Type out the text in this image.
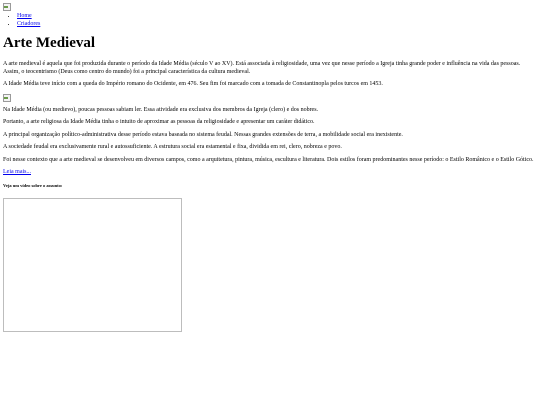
• Home
• Criadores
Arte Medieval

A arte medieval é aquela que foi produzida durante o período da Idade Média (século V ao XV). Está associada à religiosidade, uma vez que nesse período a Igreja tinha grande poder e influência na vida das pessoas. Assim, o teocentrismo (Deus como centro do mundo) foi a principal característica da cultura medieval.

A Idade Média teve início com a queda do Império romano do Ocidente, em 476. Seu fim foi marcado com a tomada de Constantinopla pelos turcos em 1453.

Na Idade Média (ou medievo), poucas pessoas sabiam ler. Essa atividade era exclusiva dos membros da Igreja (clero) e dos nobres.

Portanto, a arte religiosa da Idade Média tinha o intuito de aproximar as pessoas da religiosidade e apresentar um caráter didático.

A principal organização político-administrativa desse período estava baseada no sistema feudal. Nessas grandes extensões de terra, a mobilidade social era inexistente.

A sociedade feudal era exclusivamente rural e autossuficiente. A estrutura social era estamental e fixa, dividida em rei, clero, nobreza e povo.

Foi nesse contexto que a arte medieval se desenvolveu em diversos campos, como a arquitetura, pintura, música, escultura e literatura. Dois estilos foram predominantes nesse período: o Estilo Românico e o Estilo Gótico.

Leia mais...

Veja um vídeo sobre o assunto:
